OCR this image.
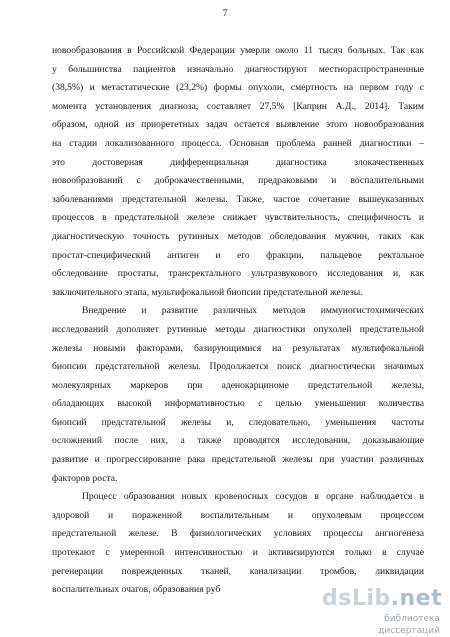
7
новообразования в Российской Федерации умерли около 11 тысяч больных. Так как
у большинства пациентов изначально диагностируют местнораспространенные
(38,5%) и метастатические (23,2%) формы опухоли, смертность на первом году с
момента установления диагноза, составляет 27,5% [Каприн А.Д., 2014]. Таким
образом, одной из приорететных задач остается выявление этого новообразования
на стадии локализованного процесса. Основная проблема ранней диагностики –
это достоверная дифференциальная диагностика злокачественных
новообразований с доброкачественными, предраковыми и воспалительными
заболеваниями предстательной железы. Также, частое сочетание вышеуказанных
процессов в предстательной железе снижает чувствительность, специфичность и
диагностическую точность рутинных методов обследования мужчин, таких как
простат-специфический антиген и его фракции, пальцевое ректальное
обследование простаты, трансректального ультразвукового исследования и, как
заключительного этапа, мультифокальной биопсии предстательной железы.
Внедрение и развитие различных методов иммуногистохимических
исследований дополняет рутинные методы диагностики опухолей предстательной
железы новыми факторами, базирующимися на результатах мультифокальной
биопсии предстательной железы. Продолжается поиск диагностически значимых
молекулярных маркеров при аденокарциноме предстательной железы,
обладающих высокой информативностью с целью уменьшения количества
биопсий предстательной железы и, следовательно, уменьшения частоты
осложнений после них, а также проводятся исследования, доказывающие
развитие и прогрессирование рака предстательной железы при участии различных
факторов роста.
Процесс образования новых кровеносных сосудов в органе наблюдается в
здоровой и пораженной воспалительным и опухолевым процессом
предстательной железе. В физиологических условиях процессы ангиогенеза
протекают с умеренной интенсивностью и активизируются только в случае
регенерации поврежденных тканей, канализации тромбов, ликвидации
воспалительных очагов, образования руб	dsLib.net
библиотека диссертаций
